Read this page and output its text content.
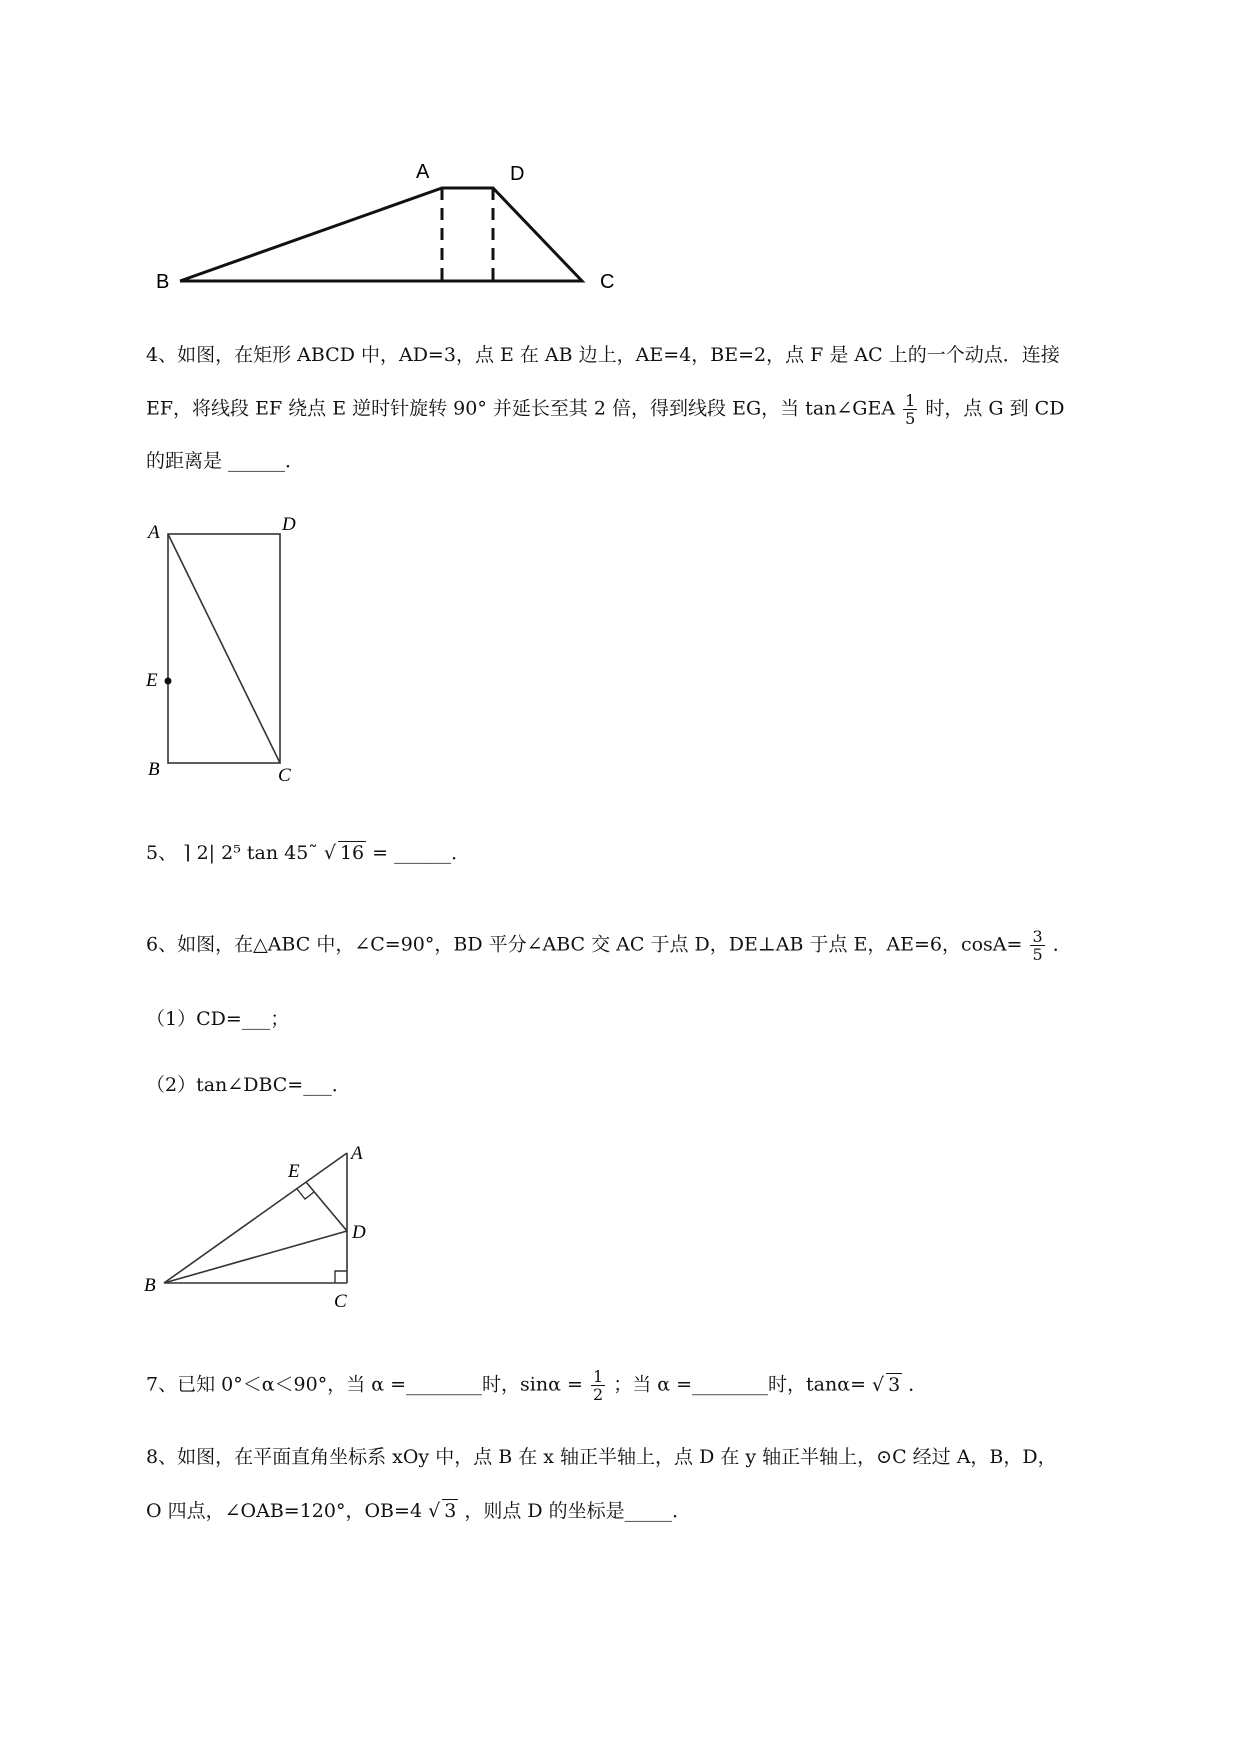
A	D
B	C
4、如图，在矩形 ABCD 中，AD=3，点 E 在 AB 边上，AE=4，BE=2，点 F 是 AC 上的一个动点．连接
EF，将线段 EF 绕点 E 逆时针旋转 90° 并延长至其 2 倍，得到线段 EG，当 tan∠GEA $\frac{1}{5}$ 时，点 G 到 CD
的距离是 ______．
A	D
E
B	C
5、 ⌉ 2| 2⁵ tan 45˜ √ 16 = ______．
6、如图，在△ABC 中，∠C=90°，BD 平分∠ABC 交 AC 于点 D，DE⊥AB 于点 E，AE=6，$\cos A= \frac{3}{5}$ ．
（1）CD=___；
（2）tan∠DBC=___．
A
E
D
B
C
7、已知 0°＜α＜90°，当 α =________时，$\sin\alpha = \frac{1}{2}$ ；当 α =________时，tanα= √ 3 ．
8、如图，在平面直角坐标系 xOy 中，点 B 在 x 轴正半轴上，点 D 在 y 轴正半轴上，⊙C 经过 A，B，D，
O 四点，∠OAB=120°，OB=4 √ 3 ，则点 D 的坐标是_____．
